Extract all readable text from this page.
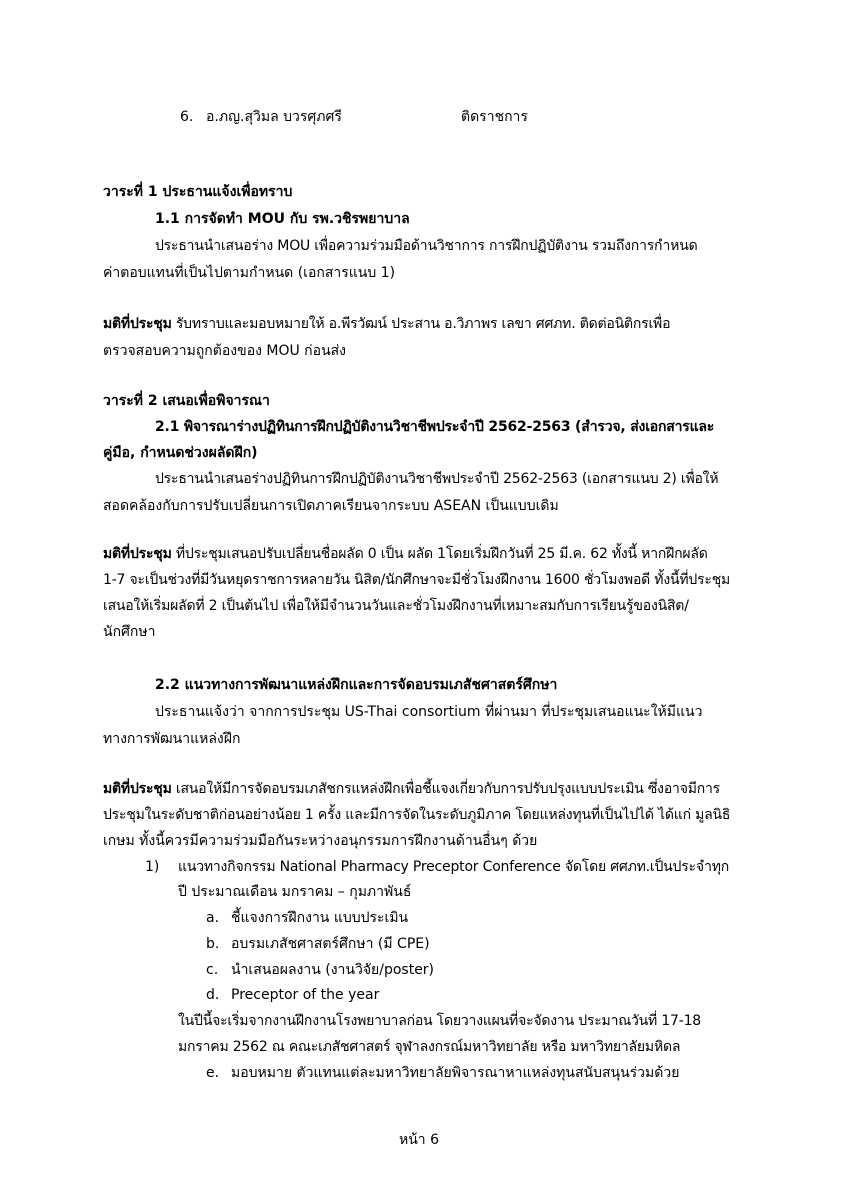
6. อ.ภญ.สุวิมล บวรศุภศรี	ติดราชการ
วาระที่ 1 ประธานแจ้งเพื่อทราบ
1.1 การจัดทำ MOU กับ รพ.วชิรพยาบาล
ประธานนำเสนอร่าง MOU เพื่อความร่วมมือด้านวิชาการ การฝึกปฏิบัติงาน รวมถึงการกำหนด
ค่าตอบแทนที่เป็นไปตามกำหนด (เอกสารแนบ 1)
มติที่ประชุม รับทราบและมอบหมายให้ อ.พีรวัฒน์ ประสาน อ.วิภาพร เลขา ศศภท. ติดต่อนิติกรเพื่อ
ตรวจสอบความถูกต้องของ MOU ก่อนส่ง
วาระที่ 2 เสนอเพื่อพิจารณา
2.1 พิจารณาร่างปฏิทินการฝึกปฏิบัติงานวิชาชีพประจำปี 2562-2563 (สำรวจ, ส่งเอกสารและ
คู่มือ, กำหนดช่วงผลัดฝึก)
ประธานนำเสนอร่างปฏิทินการฝึกปฏิบัติงานวิชาชีพประจำปี 2562-2563 (เอกสารแนบ 2) เพื่อให้
สอดคล้องกับการปรับเปลี่ยนการเปิดภาคเรียนจากระบบ ASEAN เป็นแบบเดิม
มติที่ประชุม ที่ประชุมเสนอปรับเปลี่ยนชื่อผลัด 0 เป็น ผลัด 1โดยเริ่มฝึกวันที่ 25 มี.ค. 62 ทั้งนี้ หากฝึกผลัด
1-7 จะเป็นช่วงที่มีวันหยุดราชการหลายวัน นิสิต/นักศึกษาจะมีชั่วโมงฝึกงาน 1600 ชั่วโมงพอดี ทั้งนี้ที่ประชุม
เสนอให้เริ่มผลัดที่ 2 เป็นต้นไป เพื่อให้มีจำนวนวันและชั่วโมงฝึกงานที่เหมาะสมกับการเรียนรู้ของนิสิต/
นักศึกษา
2.2 แนวทางการพัฒนาแหล่งฝึกและการจัดอบรมเภสัชศาสตร์ศึกษา
ประธานแจ้งว่า จากการประชุม US-Thai consortium ที่ผ่านมา ที่ประชุมเสนอแนะให้มีแนว
ทางการพัฒนาแหล่งฝึก
มติที่ประชุม เสนอให้มีการจัดอบรมเภสัชกรแหล่งฝึกเพื่อชี้แจงเกี่ยวกับการปรับปรุงแบบประเมิน ซึ่งอาจมีการ
ประชุมในระดับชาติก่อนอย่างน้อย 1 ครั้ง และมีการจัดในระดับภูมิภาค โดยแหล่งทุนที่เป็นไปได้ ได้แก่ มูลนิธิ
เกษม ทั้งนี้ควรมีความร่วมมือกันระหว่างอนุกรรมการฝึกงานด้านอื่นๆ ด้วย
1) แนวทางกิจกรรม National Pharmacy Preceptor Conference จัดโดย ศศภท.เป็นประจำทุก
ปี ประมาณเดือน มกราคม – กุมภาพันธ์
a. ชี้แจงการฝึกงาน แบบประเมิน
b. อบรมเภสัชศาสตร์ศึกษา (มี CPE)
c. นำเสนอผลงาน (งานวิจัย/poster)
d. Preceptor of the year
ในปีนี้จะเริ่มจากงานฝึกงานโรงพยาบาลก่อน โดยวางแผนที่จะจัดงาน ประมาณวันที่ 17-18
มกราคม 2562 ณ คณะเภสัชศาสตร์ จุฬาลงกรณ์มหาวิทยาลัย หรือ มหาวิทยาลัยมหิดล
e. มอบหมาย ตัวแทนแต่ละมหาวิทยาลัยพิจารณาหาแหล่งทุนสนับสนุนร่วมด้วย
หน้า 6
